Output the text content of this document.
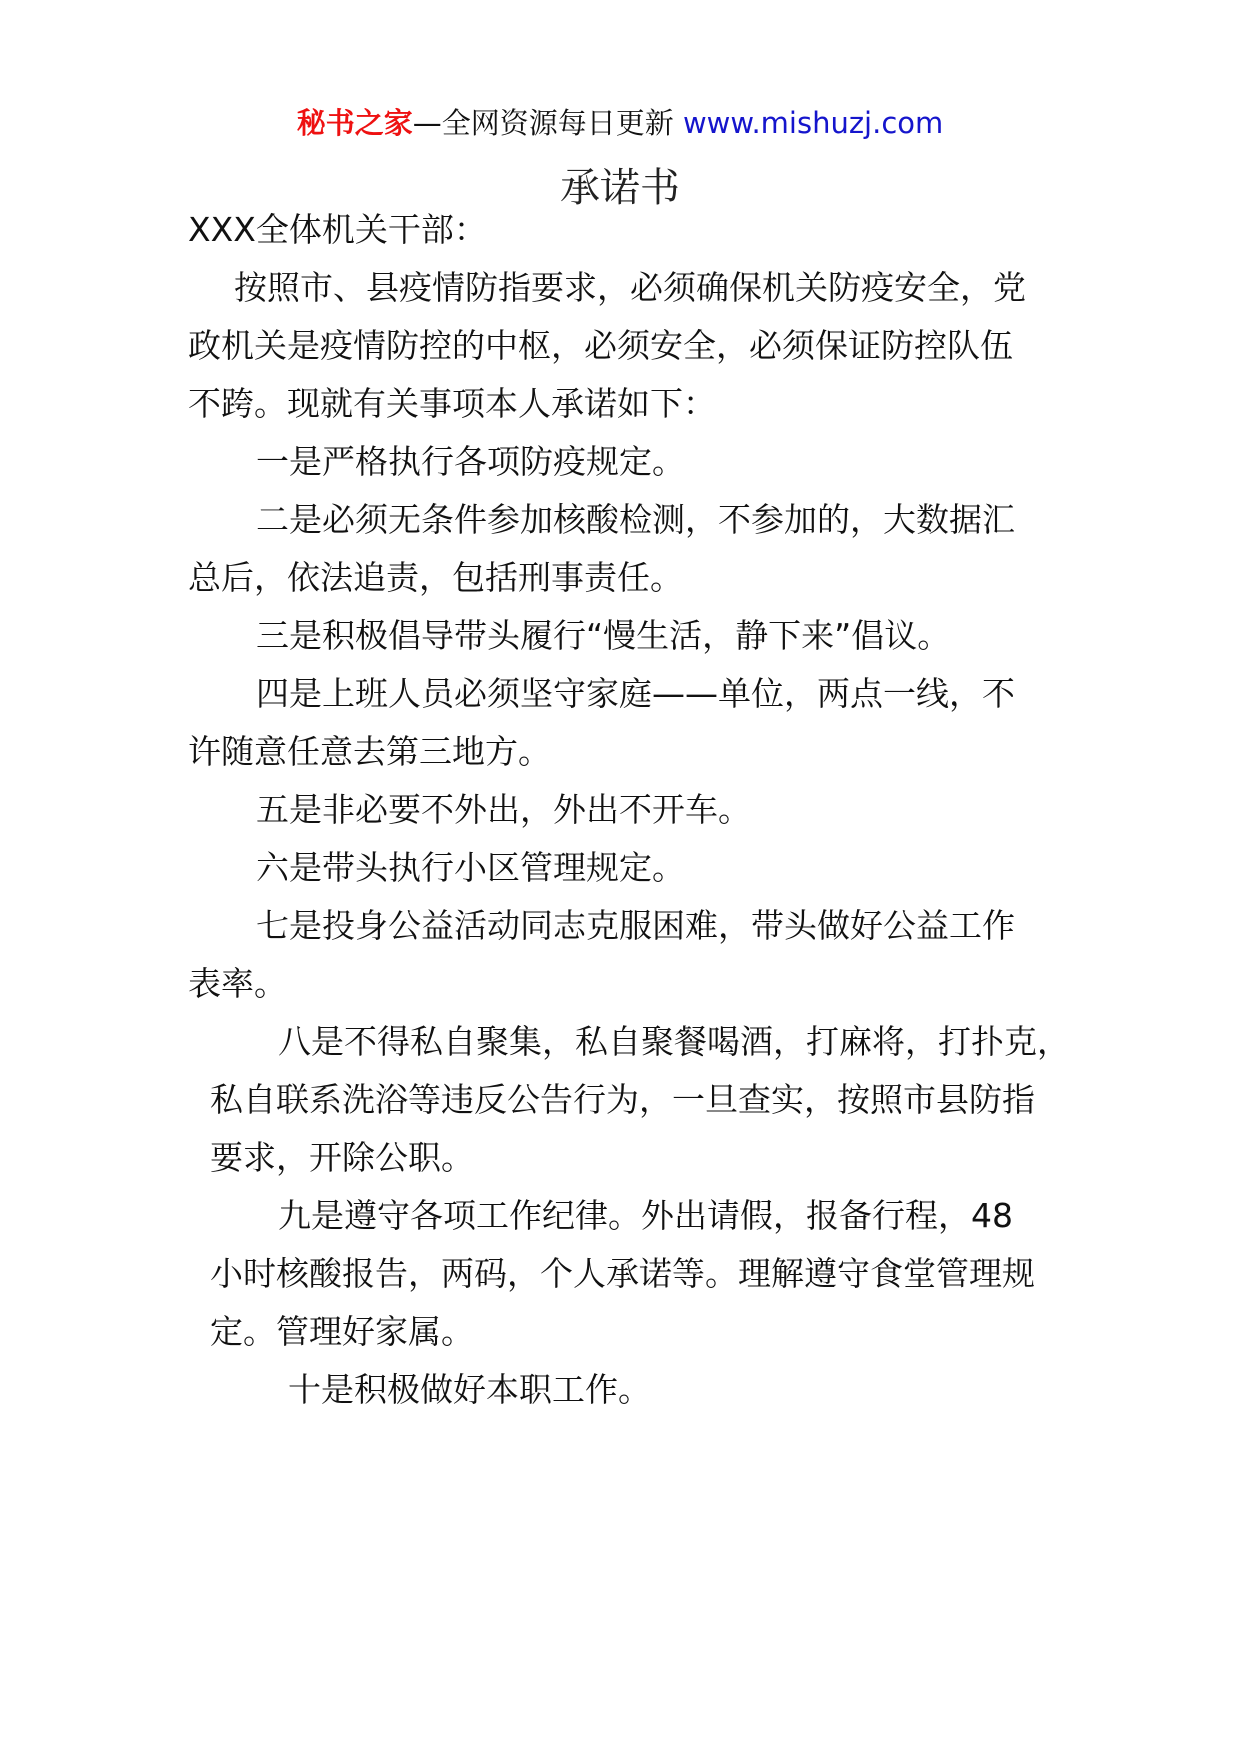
秘书之家—全网资源每日更新 www.mishuzj.com
承诺书
XXX全体机关干部：
按照市、县疫情防指要求，必须确保机关防疫安全，党
政机关是疫情防控的中枢，必须安全，必须保证防控队伍
不跨。现就有关事项本人承诺如下：
一是严格执行各项防疫规定。
二是必须无条件参加核酸检测，不参加的，大数据汇
总后，依法追责，包括刑事责任。
三是积极倡导带头履行“慢生活，静下来”倡议。
四是上班人员必须坚守家庭——单位，两点一线，不
许随意任意去第三地方。
五是非必要不外出，外出不开车。
六是带头执行小区管理规定。
七是投身公益活动同志克服困难，带头做好公益工作
表率。
八是不得私自聚集，私自聚餐喝酒，打麻将，打扑克，
私自联系洗浴等违反公告行为，一旦查实，按照市县防指
要求，开除公职。
九是遵守各项工作纪律。外出请假，报备行程，48
小时核酸报告，两码，个人承诺等。理解遵守食堂管理规
定。管理好家属。
十是积极做好本职工作。
